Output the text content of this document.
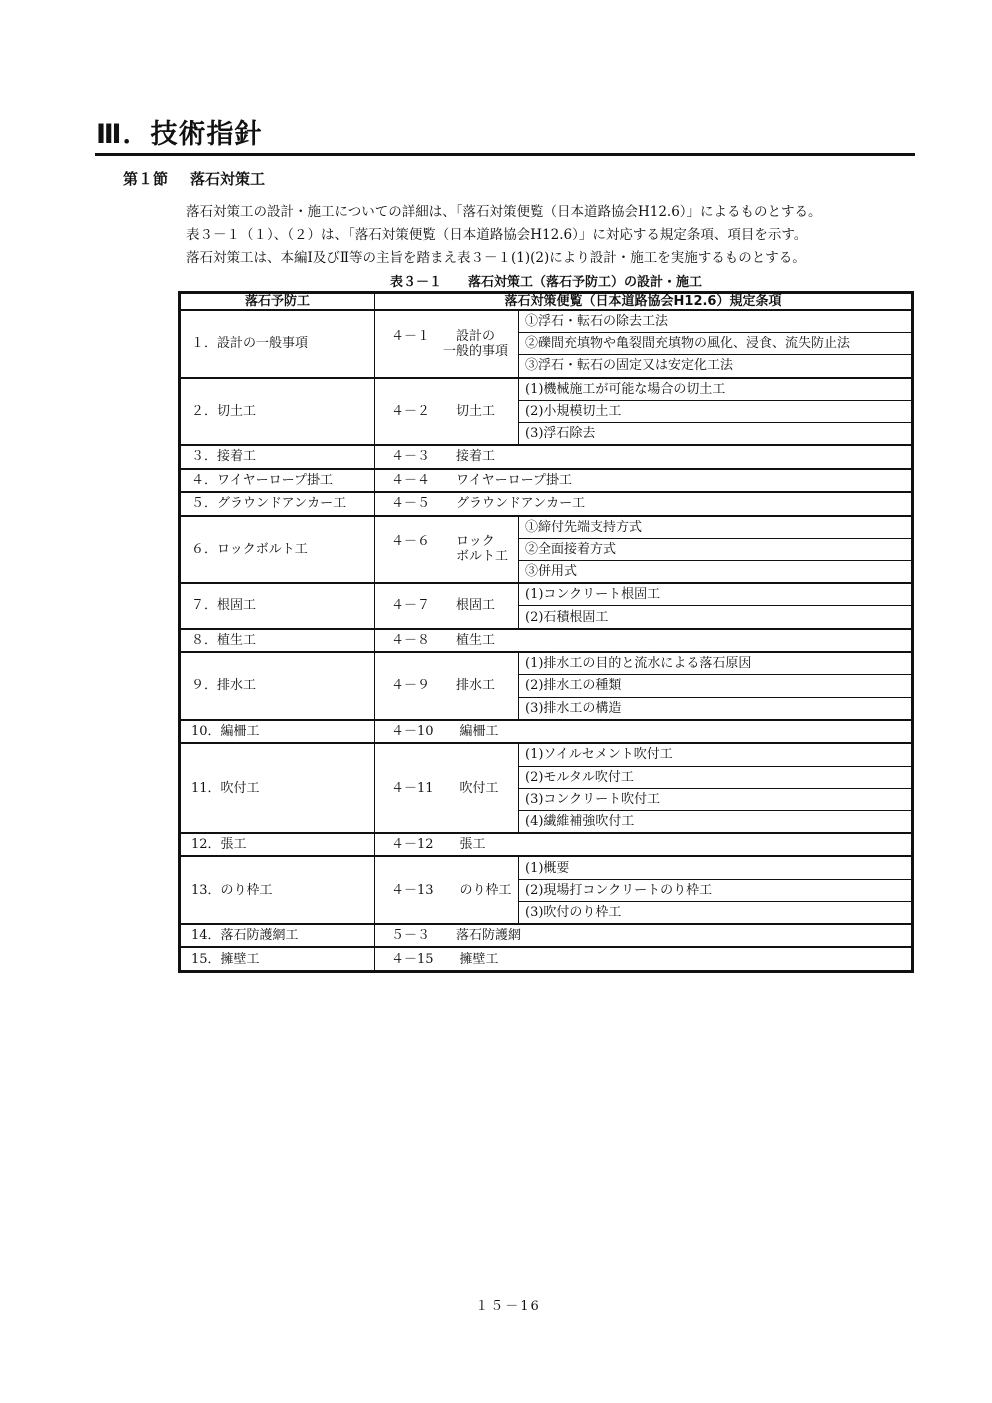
Ⅲ．技術指針
第１節 落石対策工

落石対策工の設計・施工についての詳細は、「落石対策便覧（日本道路協会H12.6）」によるものとする。

表３－１（１）、（２）は、「落石対策便覧（日本道路協会H12.6）」に対応する規定条項、項目を示す。

落石対策工は、本編Ⅰ及びⅡ等の主旨を踏まえ表３－１(1)(2)により設計・施工を実施するものとする。

表３－１　　落石対策工（落石予防工）の設計・施工
落石予防工	落石対策便覧（日本道路協会H12.6）規定条項	
１．設計の一般事項	４－１　　設計の
　　　　一般的事項	①浮石・転石の除去工法
		②礫間充填物や亀裂間充填物の風化、浸食、流失防止法
		③浮石・転石の固定又は安定化工法
２．切土工	４－２　　切土工	(1)機械施工が可能な場合の切土工
		(2)小規模切土工
		(3)浮石除去
３．接着工	４－３　　接着工	
４．ワイヤーロープ掛工	４－４　　ワイヤーロープ掛工	
５．グラウンドアンカー工	４－５　　グラウンドアンカー工	
６．ロックボルト工	４－６　　ロック
　　　　　ボルト工	①締付先端支持方式
		②全面接着方式
		③併用式
７．根固工	４－７　　根固工	(1)コンクリート根固工
		(2)石積根固工
８．植生工	４－８　　植生工	
９．排水工	４－９　　排水工	(1)排水工の目的と流水による落石原因
		(2)排水工の種類
		(3)排水工の構造
10．編柵工	４－10　　編柵工	
11．吹付工	４－11　　吹付工	(1)ソイルセメント吹付工
		(2)モルタル吹付工
		(3)コンクリート吹付工
		(4)繊維補強吹付工
12．張工	４－12　　張工	
13．のり枠工	４－13　　のり枠工	(1)概要
		(2)現場打コンクリートのり枠工
		(3)吹付のり枠工
14．落石防護網工	５－３　　落石防護網	
15．擁壁工	４－15　　擁壁工	
１５－16
